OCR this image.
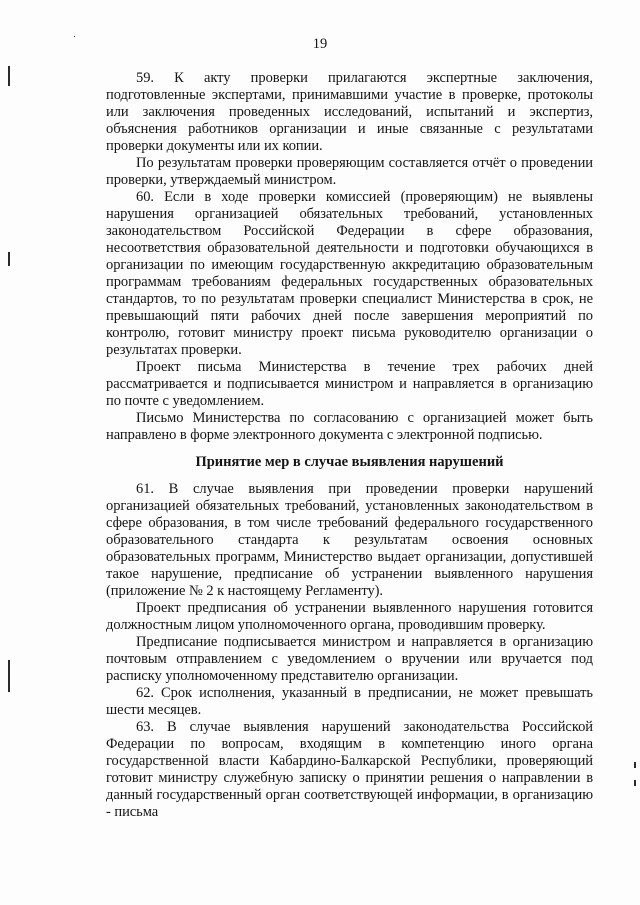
19

59. К акту проверки прилагаются экспертные заключения, подготовленные экспертами, принимавшими участие в проверке, протоколы или заключения проведенных исследований, испытаний и экспертиз, объяснения работников организации и иные связанные с результатами проверки документы или их копии.

По результатам проверки проверяющим составляется отчёт о проведении проверки, утверждаемый министром.

60. Если в ходе проверки комиссией (проверяющим) не выявлены нарушения организацией обязательных требований, установленных законодательством Российской Федерации в сфере образования, несоответствия образовательной деятельности и подготовки обучающихся в организации по имеющим государственную аккредитацию образовательным программам требованиям федеральных государственных образовательных стандартов, то по результатам проверки специалист Министерства в срок, не превышающий пяти рабочих дней после завершения мероприятий по контролю, готовит министру проект письма руководителю организации о результатах проверки.

Проект письма Министерства в течение трех рабочих дней рассматривается и подписывается министром и направляется в организацию по почте с уведомлением.

Письмо Министерства по согласованию с организацией может быть направлено в форме электронного документа с электронной подписью.

Принятие мер в случае выявления нарушений

61. В случае выявления при проведении проверки нарушений организацией обязательных требований, установленных законодательством в сфере образования, в том числе требований федерального государственного образовательного стандарта к результатам освоения основных образовательных программ, Министерство выдает организации, допустившей такое нарушение, предписание об устранении выявленного нарушения (приложение № 2 к настоящему Регламенту).

Проект предписания об устранении выявленного нарушения готовится должностным лицом уполномоченного органа, проводившим проверку.

Предписание подписывается министром и направляется в организацию почтовым отправлением с уведомлением о вручении или вручается под расписку уполномоченному представителю организации.

62. Срок исполнения, указанный в предписании, не может превышать шести месяцев.

63. В случае выявления нарушений законодательства Российской Федерации по вопросам, входящим в компетенцию иного органа государственной власти Кабардино-Балкарской Республики, проверяющий готовит министру служебную записку о принятии решения о направлении в данный государственный орган соответствующей информации, в организацию - письма
